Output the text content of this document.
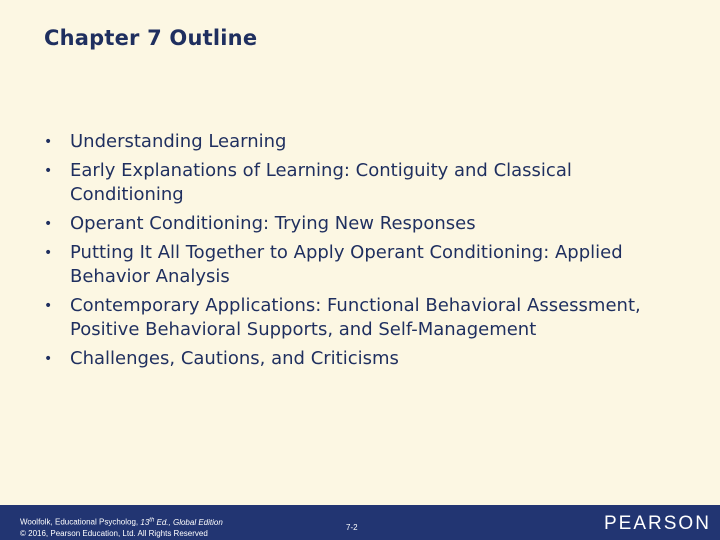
Chapter 7 Outline
• Understanding Learning
• Early Explanations of Learning: Contiguity and Classical Conditioning
• Operant Conditioning: Trying New Responses
• Putting It All Together to Apply Operant Conditioning: Applied Behavior Analysis
• Contemporary Applications: Functional Behavioral Assessment, Positive Behavioral Supports, and Self-Management
• Challenges, Cautions, and Criticisms
Woolfolk, Educational Psycholog, 13th Ed., Global Edition
© 2016, Pearson Education, Ltd. All Rights Reserved
7-2	PEARSON
